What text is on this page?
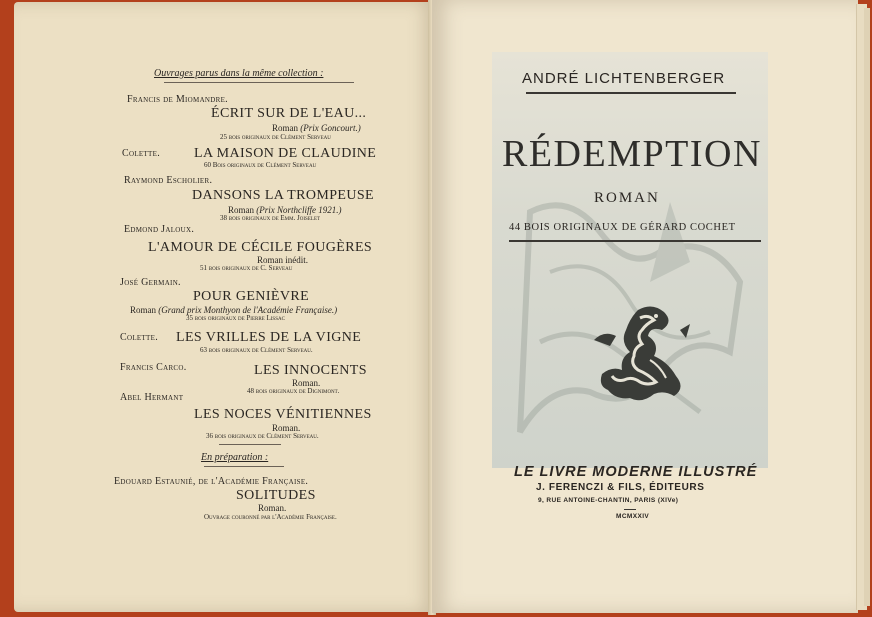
Ouvrages parus dans la même collection :
Francis de Miomandre.
ÉCRIT SUR DE L'EAU...
Roman (Prix Goncourt.)
25 bois originaux de Clément Serveau
Colette. LA MAISON DE CLAUDINE
60 Bois originaux de Clément Serveau
Raymond Escholier.
DANSONS LA TROMPEUSE
Roman (Prix Northcliffe 1921.)
38 bois originaux de Emm. Joiselet
Edmond Jaloux.
L'AMOUR DE CÉCILE FOUGÈRES
Roman inédit.
51 bois originaux de C. Serveau
José Germain.
POUR GENIÈVRE
Roman (Grand prix Monthyon de l'Académie Française.)
35 bois originaux de Pierre Lissac
Colette. LES VRILLES DE LA VIGNE
63 bois originaux de Clément Serveau.
Francis Carco.	LES INNOCENTS
Roman.
48 bois originaux de Dignimont.
Abel Hermant
LES NOCES VÉNITIENNES
Roman.
36 bois originaux de Clément Serveau.
En préparation :
Edouard Estaunié, de l'Académie Française.
SOLITUDES
Roman.
Ouvrage couronné par l'Académie Française.
ANDRÉ LICHTENBERGER
RÉDEMPTION
ROMAN
44 BOIS ORIGINAUX DE GÉRARD COCHET
LE LIVRE MODERNE ILLUSTRÉ
J. FERENCZI & FILS, ÉDITEURS
9, RUE ANTOINE-CHANTIN, PARIS (XIVe)
MCMXXIV
